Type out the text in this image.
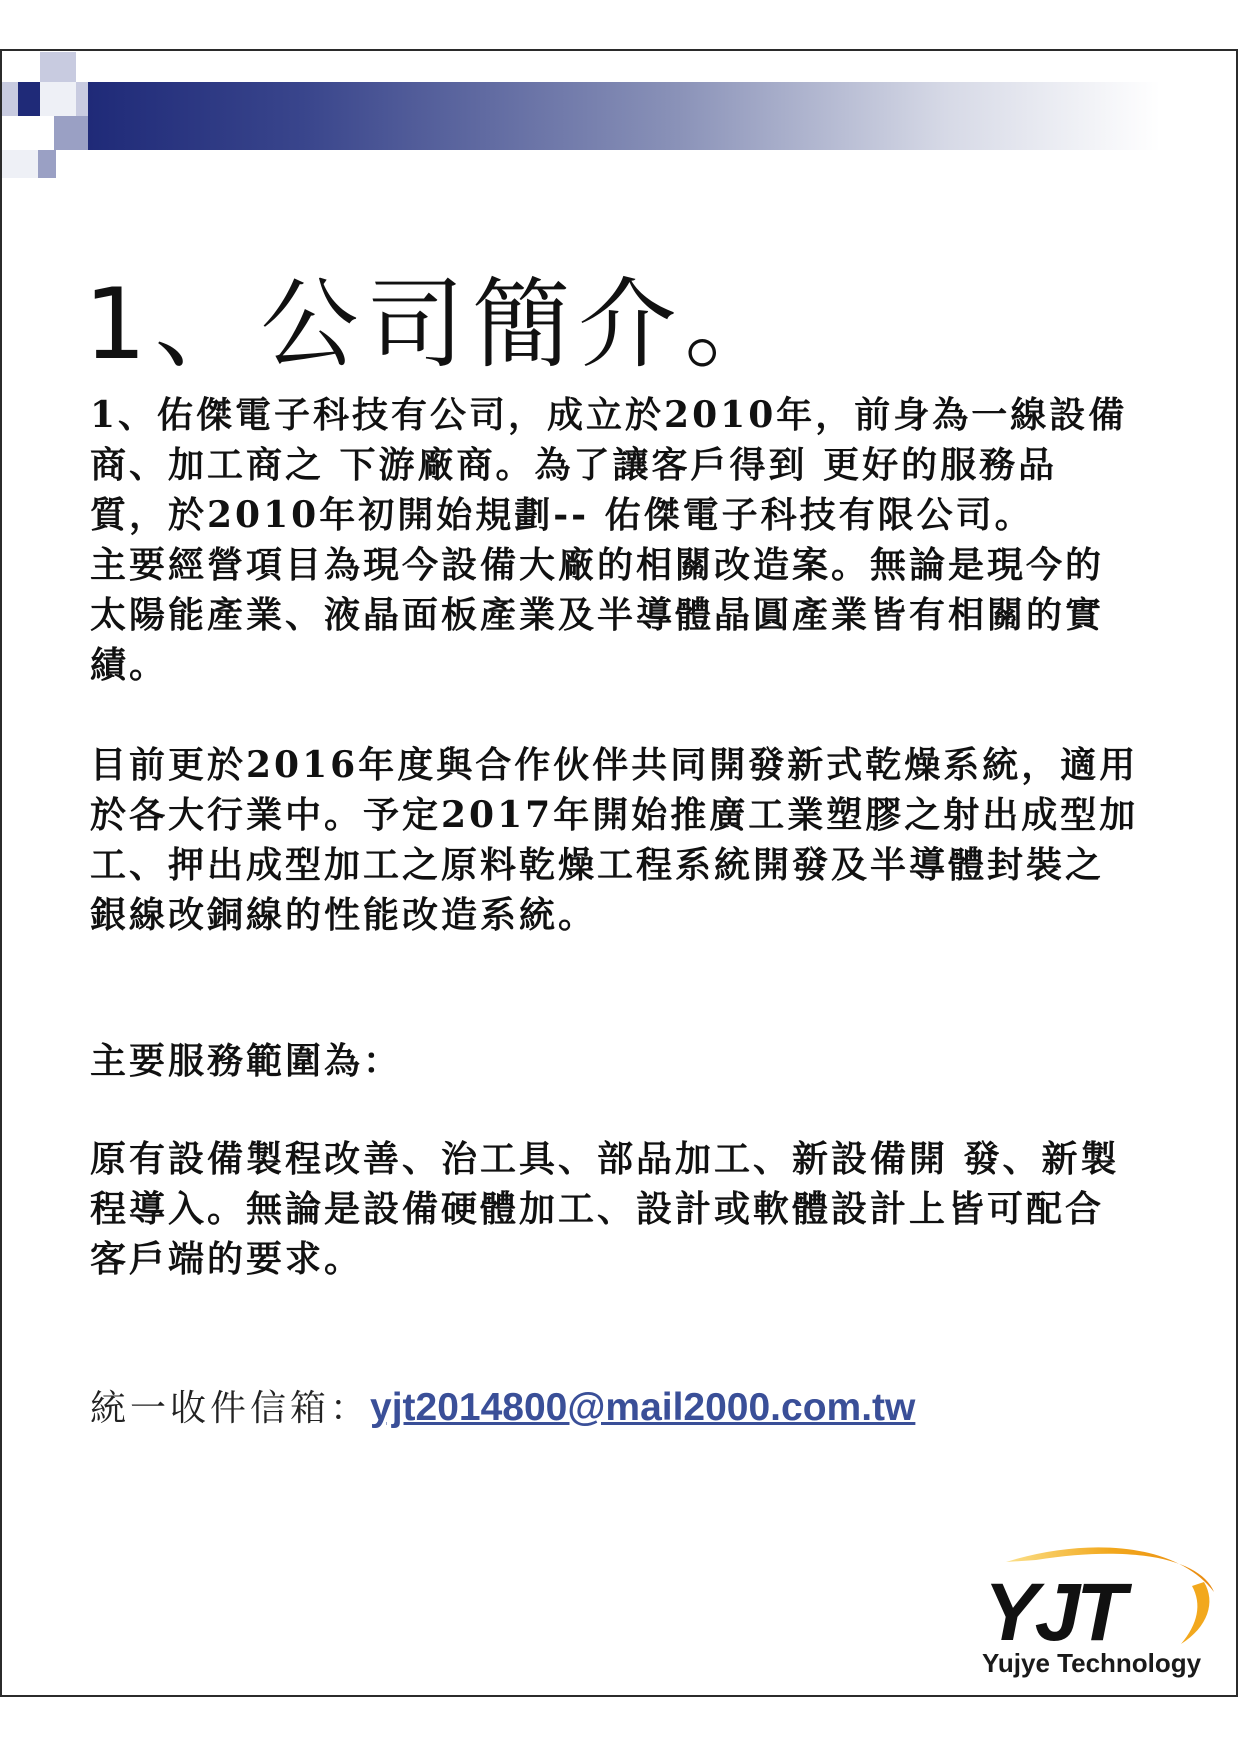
1、公司簡介。

1、佑傑電子科技有公司，成立於2010年，前身為一線設備

商、加工商之 下游廠商。為了讓客戶得到 更好的服務品

質，於2010年初開始規劃-- 佑傑電子科技有限公司。

主要經營項目為現今設備大廠的相關改造案。無論是現今的

太陽能產業、液晶面板產業及半導體晶圓產業皆有相關的實

績。

目前更於2016年度與合作伙伴共同開發新式乾燥系統，適用

於各大行業中。予定2017年開始推廣工業塑膠之射出成型加

工、押出成型加工之原料乾燥工程系統開發及半導體封裝之

銀線改銅線的性能改造系統。

主要服務範圍為：

原有設備製程改善、治工具、部品加工、新設備開 發、新製

程導入。無論是設備硬體加工、設計或軟體設計上皆可配合

客戶端的要求。

統一收件信箱：yjt2014800@mail2000.com.tw
YJT
Yujye Technology
